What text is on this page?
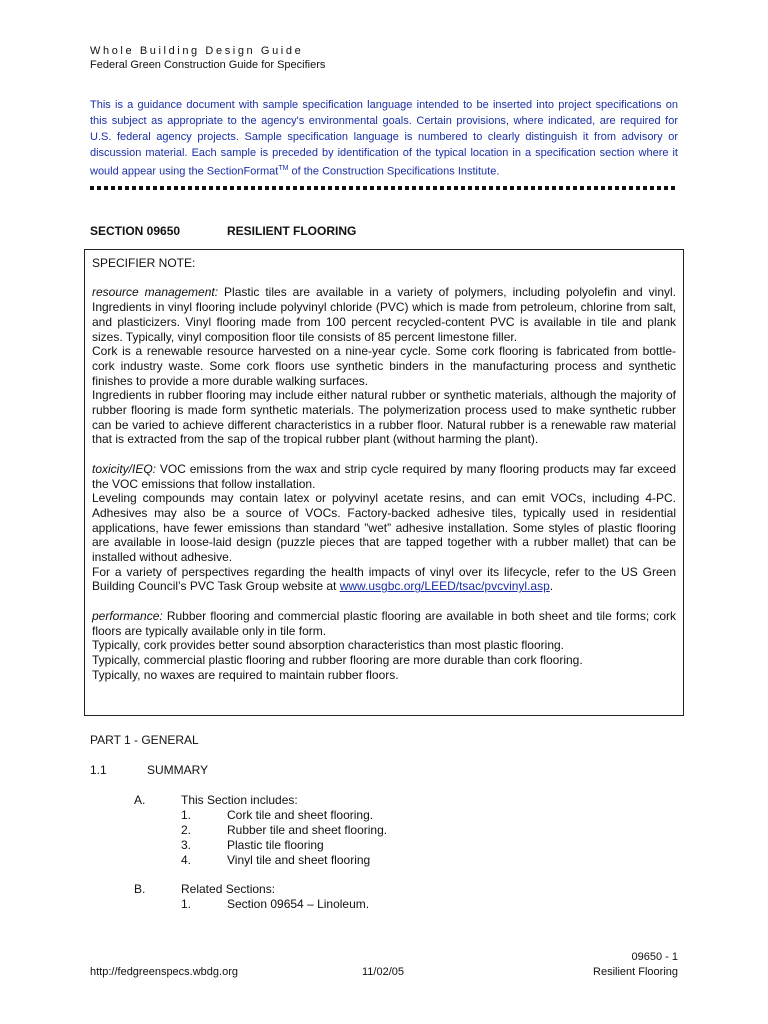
Whole Building Design Guide
Federal Green Construction Guide for Specifiers
This is a guidance document with sample specification language intended to be inserted into project specifications on this subject as appropriate to the agency's environmental goals. Certain provisions, where indicated, are required for U.S. federal agency projects. Sample specification language is numbered to clearly distinguish it from advisory or discussion material. Each sample is preceded by identification of the typical location in a specification section where it would appear using the SectionFormat™ of the Construction Specifications Institute.
SECTION 09650	RESILIENT FLOORING

SPECIFIER NOTE:

resource management: Plastic tiles are available in a variety of polymers, including polyolefin and vinyl. Ingredients in vinyl flooring include polyvinyl chloride (PVC) which is made from petroleum, chlorine from salt, and plasticizers. Vinyl flooring made from 100 percent recycled-content PVC is available in tile and plank sizes. Typically, vinyl composition floor tile consists of 85 percent limestone filler.

Cork is a renewable resource harvested on a nine-year cycle. Some cork flooring is fabricated from bottle-cork industry waste. Some cork floors use synthetic binders in the manufacturing process and synthetic finishes to provide a more durable walking surfaces.

Ingredients in rubber flooring may include either natural rubber or synthetic materials, although the majority of rubber flooring is made form synthetic materials. The polymerization process used to make synthetic rubber can be varied to achieve different characteristics in a rubber floor. Natural rubber is a renewable raw material that is extracted from the sap of the tropical rubber plant (without harming the plant).

toxicity/IEQ: VOC emissions from the wax and strip cycle required by many flooring products may far exceed the VOC emissions that follow installation.

Leveling compounds may contain latex or polyvinyl acetate resins, and can emit VOCs, including 4-PC. Adhesives may also be a source of VOCs. Factory-backed adhesive tiles, typically used in residential applications, have fewer emissions than standard ”wet” adhesive installation. Some styles of plastic flooring are available in loose-laid design (puzzle pieces that are tapped together with a rubber mallet) that can be installed without adhesive.

For a variety of perspectives regarding the health impacts of vinyl over its lifecycle, refer to the US Green Building Council’s PVC Task Group website at www.usgbc.org/LEED/tsac/pvcvinyl.asp.

performance: Rubber flooring and commercial plastic flooring are available in both sheet and tile forms; cork floors are typically available only in tile form.

Typically, cork provides better sound absorption characteristics than most plastic flooring.

Typically, commercial plastic flooring and rubber flooring are more durable than cork flooring.

Typically, no waxes are required to maintain rubber floors.

PART 1 - GENERAL
1.1	SUMMARY
A.	This Section includes:
1.	Cork tile and sheet flooring.
2.	Rubber tile and sheet flooring.
3.	Plastic tile flooring
4.	Vinyl tile and sheet flooring
B.	Related Sections:
1.	Section 09654 – Linoleum.
09650 - 1
http://fedgreenspecs.wbdg.org	11/02/05	Resilient Flooring
